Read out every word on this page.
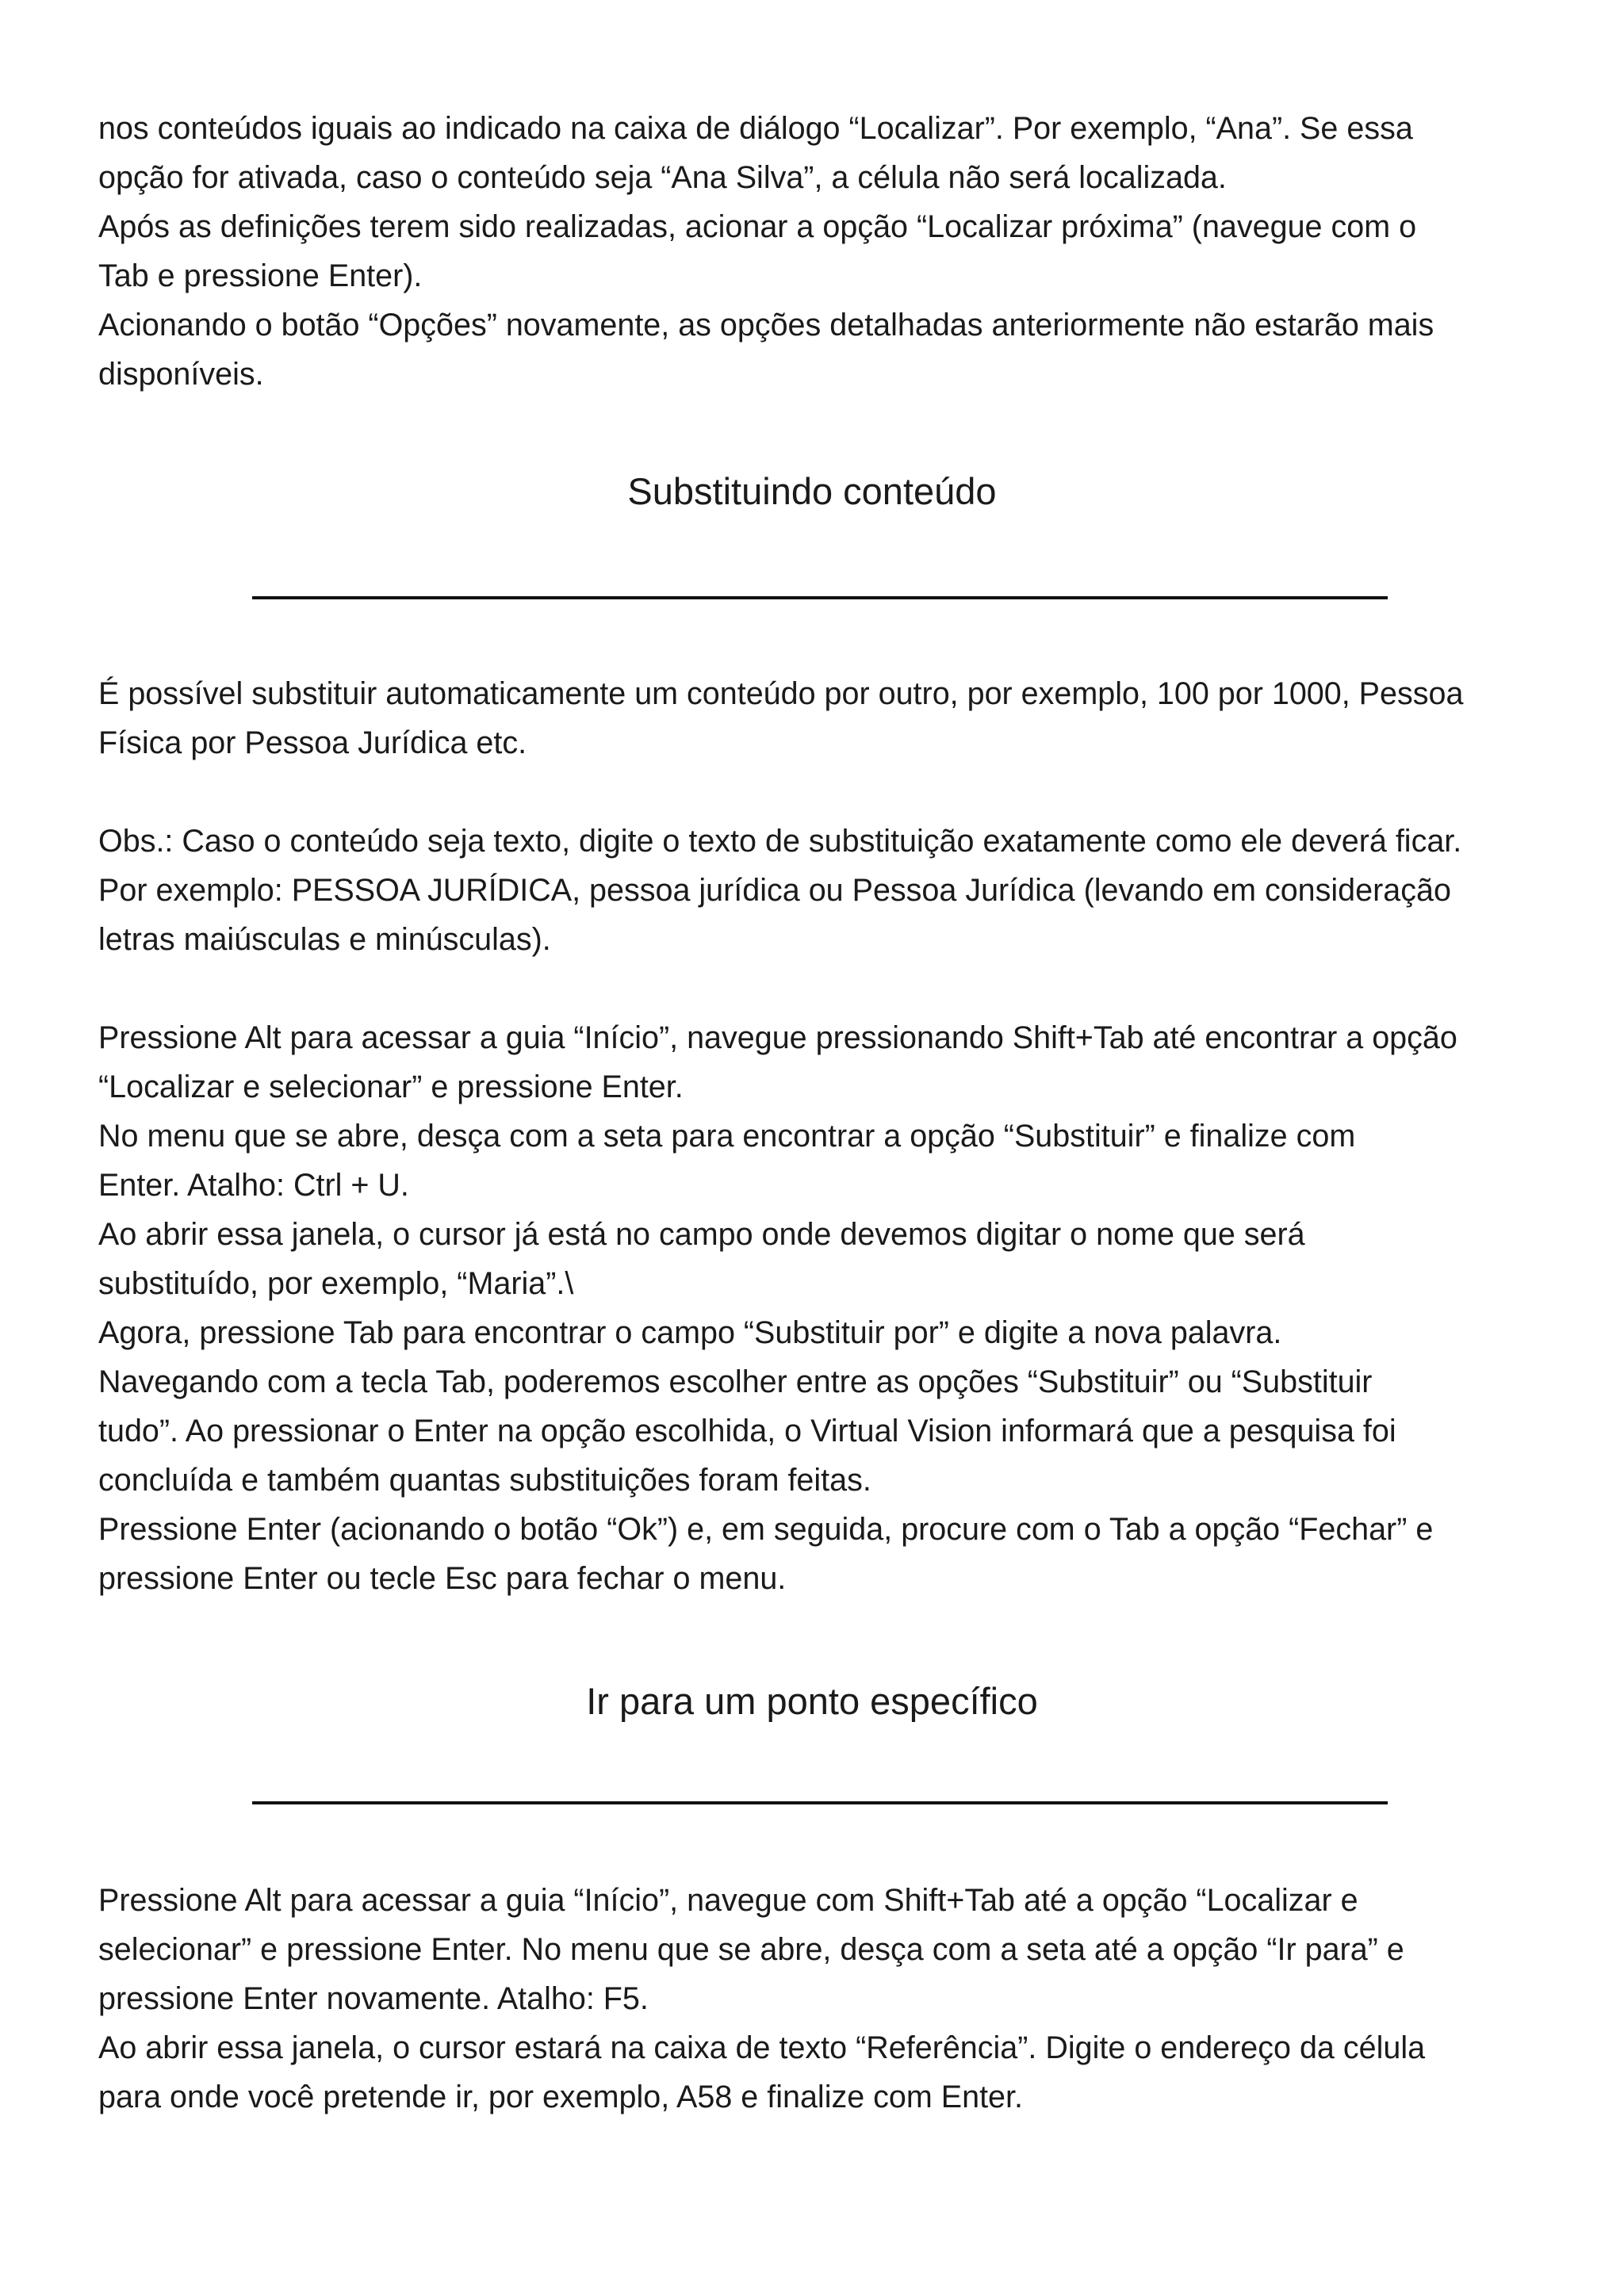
nos conteúdos iguais ao indicado na caixa de diálogo “Localizar”. Por exemplo, “Ana”. Se essa
opção for ativada, caso o conteúdo seja “Ana Silva”, a célula não será localizada.
Após as definições terem sido realizadas, acionar a opção “Localizar próxima” (navegue com o
Tab e pressione Enter).
Acionando o botão “Opções” novamente, as opções detalhadas anteriormente não estarão mais
disponíveis.
Substituindo conteúdo
É possível substituir automaticamente um conteúdo por outro, por exemplo, 100 por 1000, Pessoa
Física por Pessoa Jurídica etc.
Obs.: Caso o conteúdo seja texto, digite o texto de substituição exatamente como ele deverá ficar.
Por exemplo: PESSOA JURÍDICA, pessoa jurídica ou Pessoa Jurídica (levando em consideração
letras maiúsculas e minúsculas).
Pressione Alt para acessar a guia “Início”, navegue pressionando Shift+Tab até encontrar a opção
“Localizar e selecionar” e pressione Enter.
No menu que se abre, desça com a seta para encontrar a opção “Substituir” e finalize com
Enter. Atalho: Ctrl + U.
Ao abrir essa janela, o cursor já está no campo onde devemos digitar o nome que será
substituído, por exemplo, “Maria”.\
Agora, pressione Tab para encontrar o campo “Substituir por” e digite a nova palavra.
Navegando com a tecla Tab, poderemos escolher entre as opções “Substituir” ou “Substituir
tudo”. Ao pressionar o Enter na opção escolhida, o Virtual Vision informará que a pesquisa foi
concluída e também quantas substituições foram feitas.
Pressione Enter (acionando o botão “Ok”) e, em seguida, procure com o Tab a opção “Fechar” e
pressione Enter ou tecle Esc para fechar o menu.
Ir para um ponto específico
Pressione Alt para acessar a guia “Início”, navegue com Shift+Tab até a opção “Localizar e
selecionar” e pressione Enter. No menu que se abre, desça com a seta até a opção “Ir para” e
pressione Enter novamente. Atalho: F5.
Ao abrir essa janela, o cursor estará na caixa de texto “Referência”. Digite o endereço da célula
para onde você pretende ir, por exemplo, A58 e finalize com Enter.
